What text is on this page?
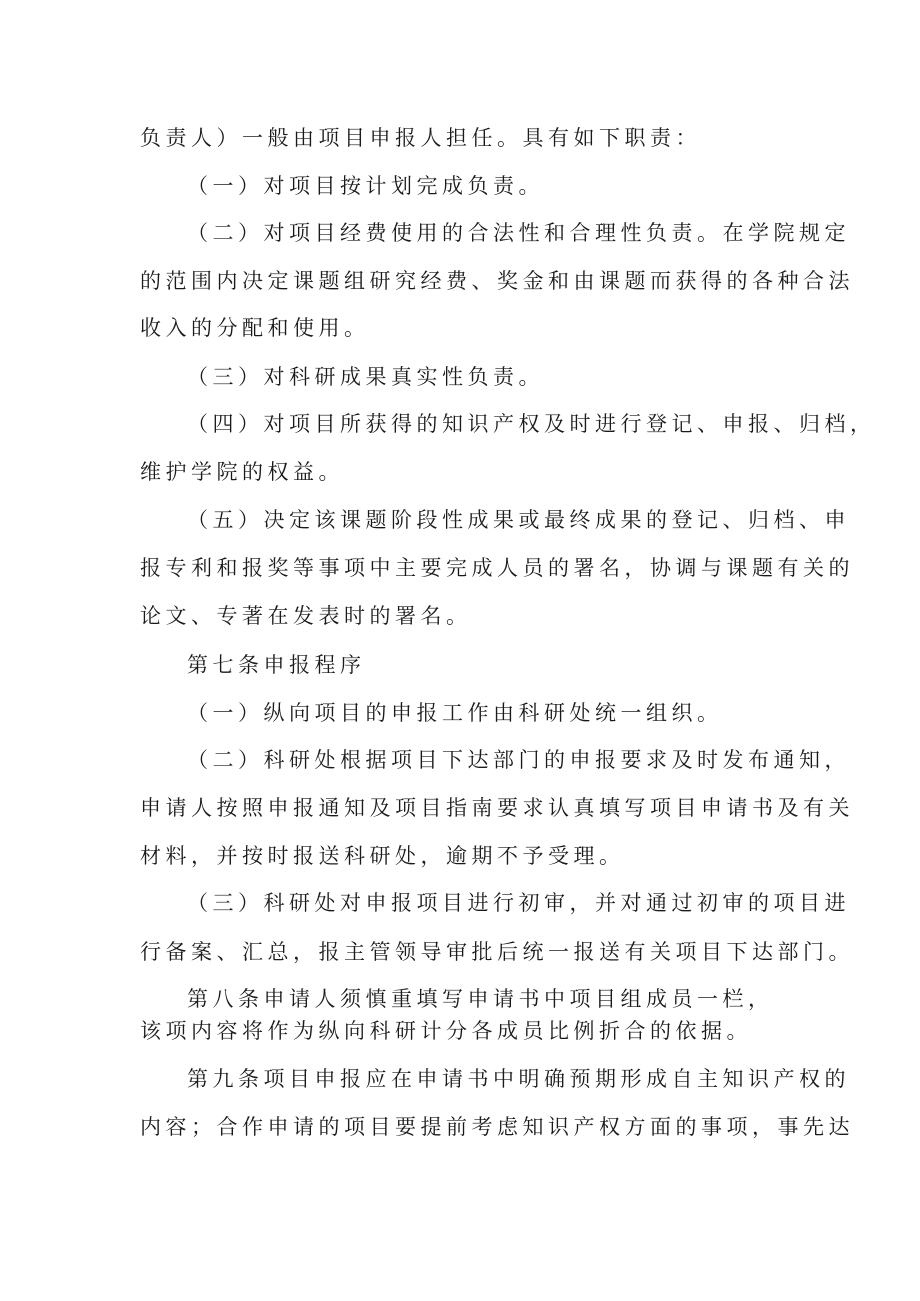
负责人）一般由项目申报人担任。具有如下职责：
（一）对项目按计划完成负责。
（二）对项目经费使用的合法性和合理性负责。在学院规定
的范围内决定课题组研究经费、奖金和由课题而获得的各种合法
收入的分配和使用。
（三）对科研成果真实性负责。
（四）对项目所获得的知识产权及时进行登记、申报、归档，
维护学院的权益。
（五）决定该课题阶段性成果或最终成果的登记、归档、申
报专利和报奖等事项中主要完成人员的署名，协调与课题有关的
论文、专著在发表时的署名。
第七条申报程序
（一）纵向项目的申报工作由科研处统一组织。
（二）科研处根据项目下达部门的申报要求及时发布通知，
申请人按照申报通知及项目指南要求认真填写项目申请书及有关
材料，并按时报送科研处，逾期不予受理。
（三）科研处对申报项目进行初审，并对通过初审的项目进
行备案、汇总，报主管领导审批后统一报送有关项目下达部门。
第八条申请人须慎重填写申请书中项目组成员一栏，
该项内容将作为纵向科研计分各成员比例折合的依据。
第九条项目申报应在申请书中明确预期形成自主知识产权的
内容；合作申请的项目要提前考虑知识产权方面的事项，事先达
